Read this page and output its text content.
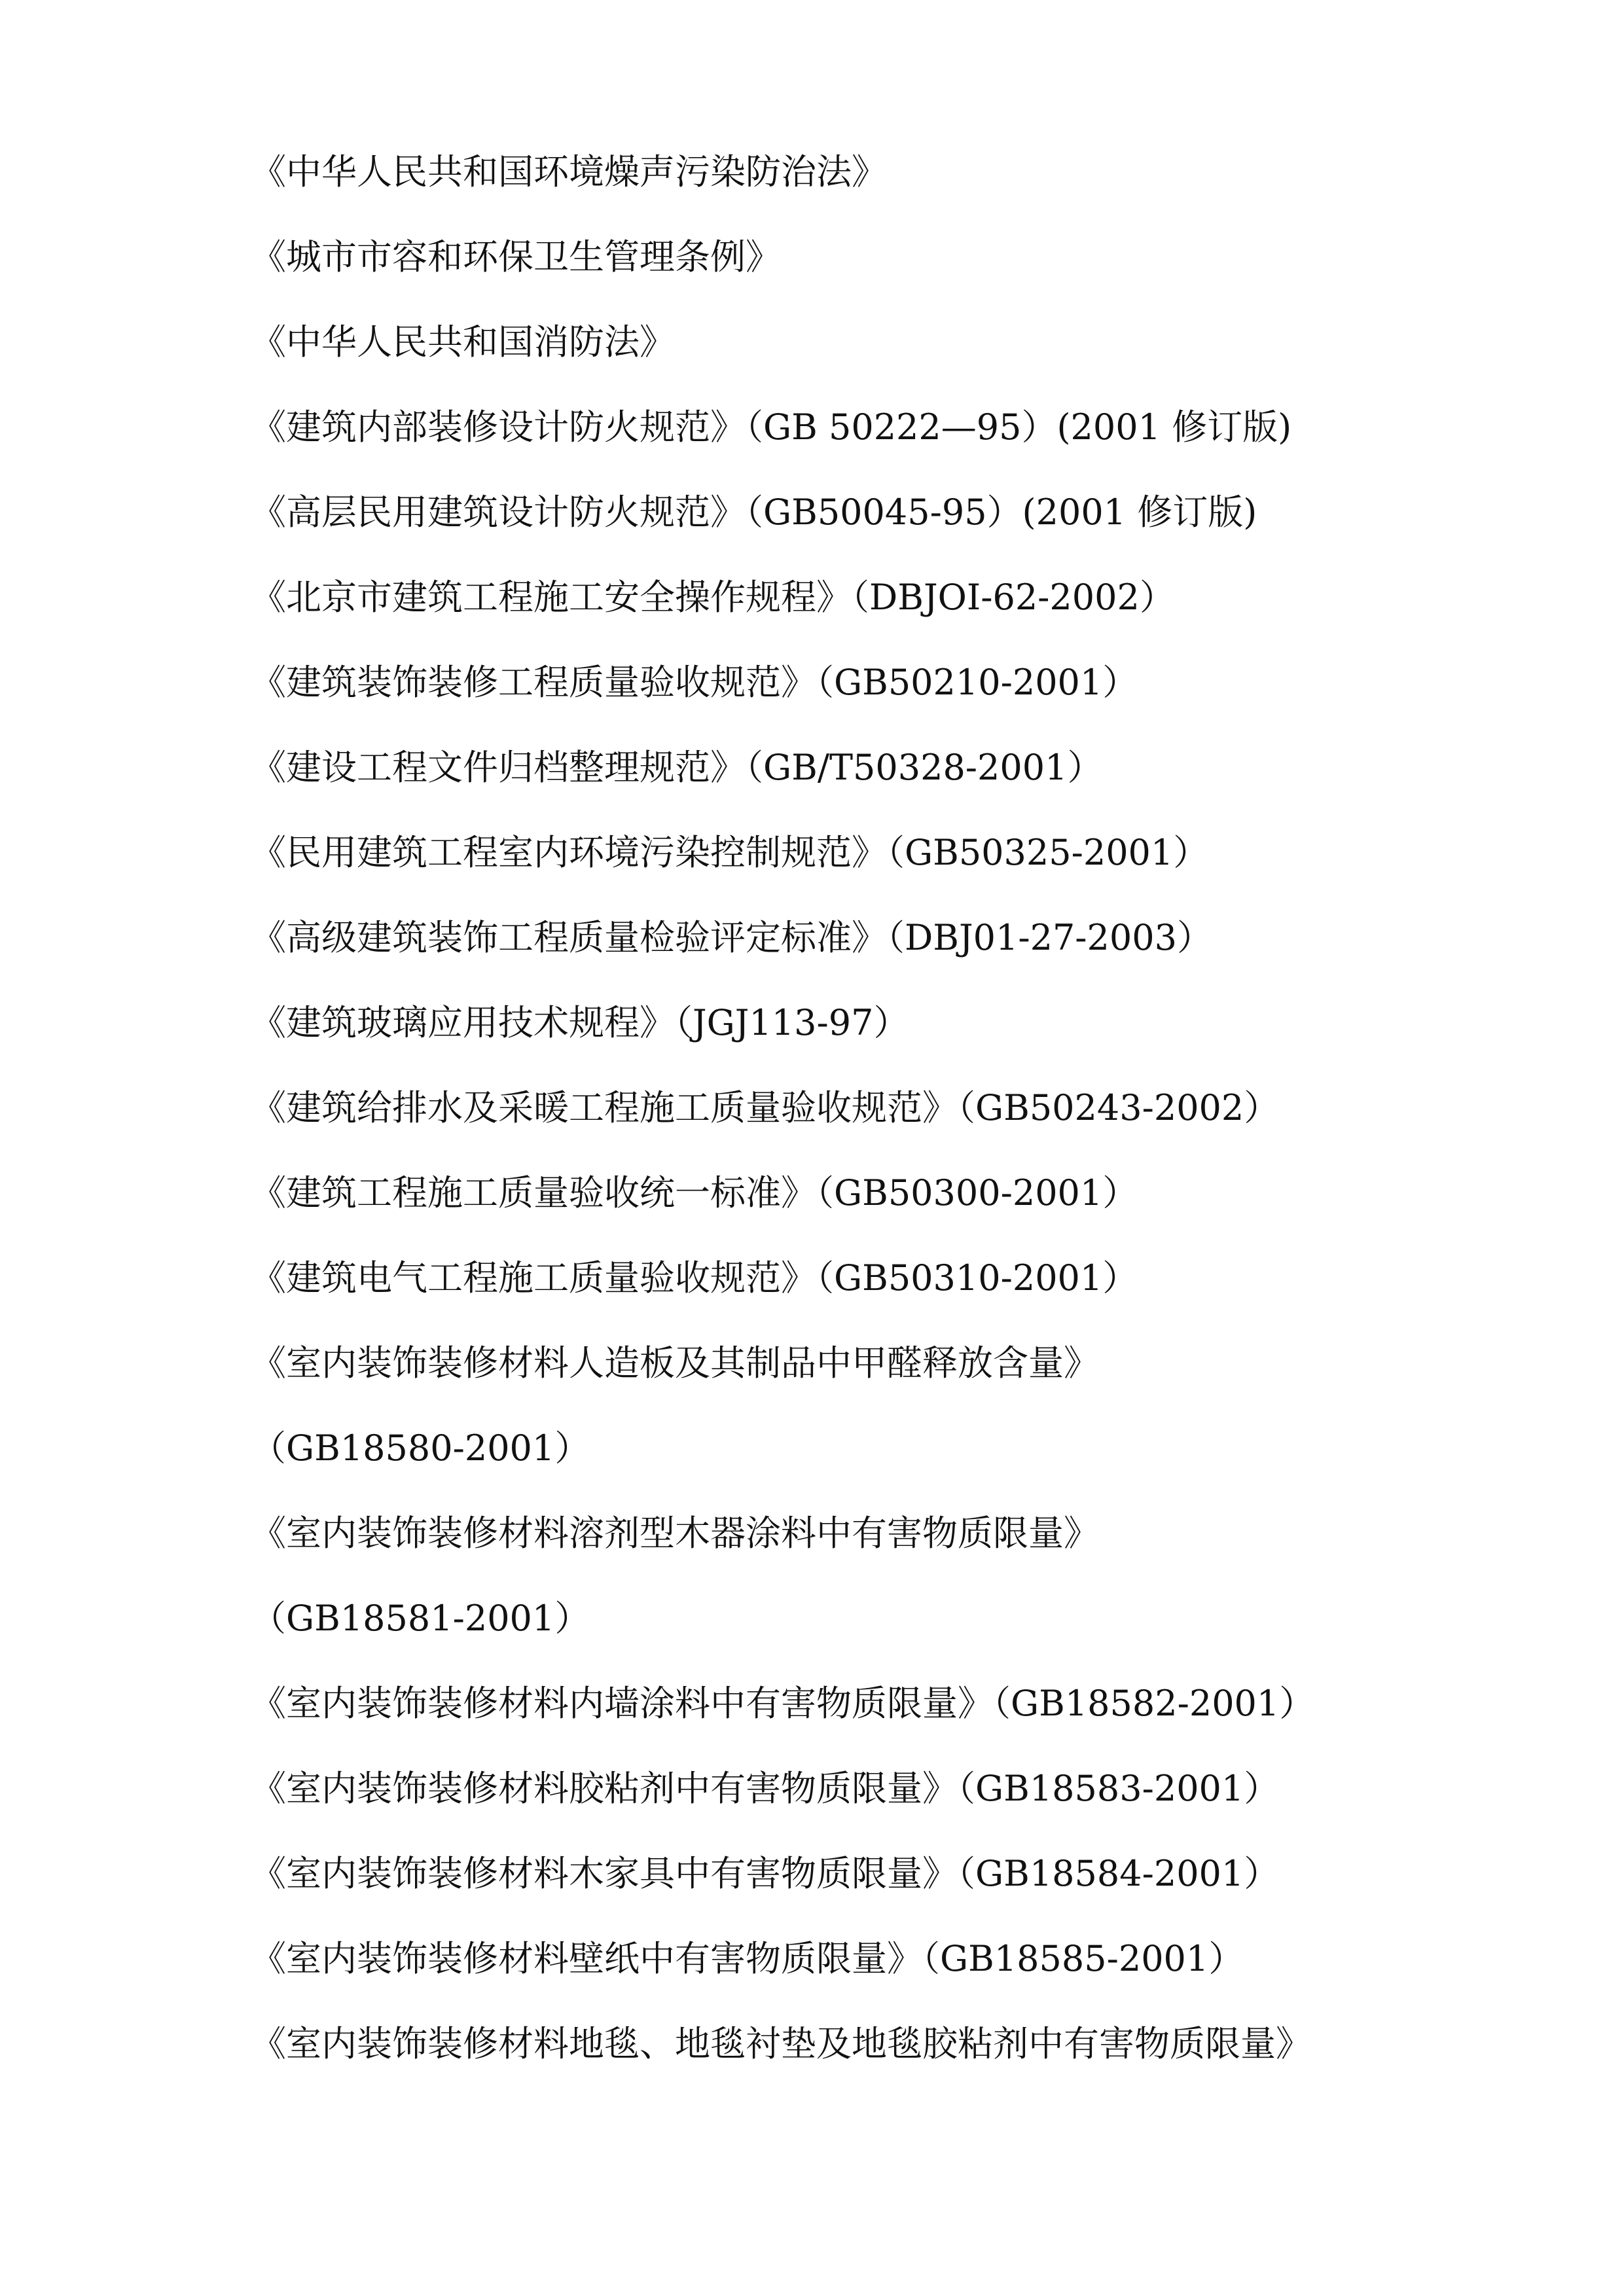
《中华人民共和国环境燥声污染防治法》
《城市市容和环保卫生管理条例》
《中华人民共和国消防法》
《建筑内部装修设计防火规范》（GB 50222—95）(2001 修订版)
《高层民用建筑设计防火规范》（GB50045-95）(2001 修订版)
《北京市建筑工程施工安全操作规程》（DBJOI-62-2002）
《建筑装饰装修工程质量验收规范》（GB50210-2001）
《建设工程文件归档整理规范》（GB/T50328-2001）
《民用建筑工程室内环境污染控制规范》（GB50325-2001）
《高级建筑装饰工程质量检验评定标准》（DBJ01-27-2003）
《建筑玻璃应用技术规程》（JGJ113-97）
《建筑给排水及采暖工程施工质量验收规范》（GB50243-2002）
《建筑工程施工质量验收统一标准》（GB50300-2001）
《建筑电气工程施工质量验收规范》（GB50310-2001）
《室内装饰装修材料人造板及其制品中甲醛释放含量》
（GB18580-2001）
《室内装饰装修材料溶剂型木器涂料中有害物质限量》
（GB18581-2001）
《室内装饰装修材料内墙涂料中有害物质限量》（GB18582-2001）
《室内装饰装修材料胶粘剂中有害物质限量》（GB18583-2001）
《室内装饰装修材料木家具中有害物质限量》（GB18584-2001）
《室内装饰装修材料壁纸中有害物质限量》（GB18585-2001）
《室内装饰装修材料地毯、地毯衬垫及地毯胶粘剂中有害物质限量》
